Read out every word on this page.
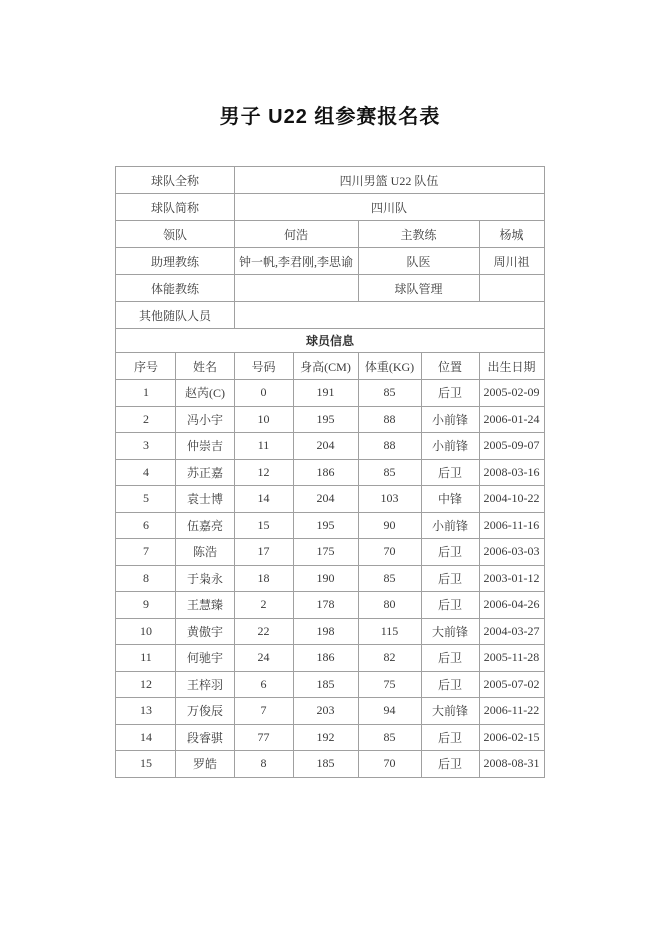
男子 U22 组参赛报名表
球队全称		四川男篮 U22 队伍				
球队简称		四川队				
领队		何浩		主教练		杨城
助理教练		钟一帆,李君刚,李思谕		队医		周川祖
体能教练				球队管理		
其他随队人员						
球员信息						
序号	姓名	号码	身高(CM)	体重(KG)	位置	出生日期
1	赵芮(C)	0	191	85	后卫	2005-02-09
2	冯小宇	10	195	88	小前锋	2006-01-24
3	仲崇吉	11	204	88	小前锋	2005-09-07
4	苏正嘉	12	186	85	后卫	2008-03-16
5	袁士博	14	204	103	中锋	2004-10-22
6	伍嘉亮	15	195	90	小前锋	2006-11-16
7	陈浩	17	175	70	后卫	2006-03-03
8	于枭永	18	190	85	后卫	2003-01-12
9	王慧臻	2	178	80	后卫	2006-04-26
10	黄傲宇	22	198	115	大前锋	2004-03-27
11	何驰宇	24	186	82	后卫	2005-11-28
12	王梓羽	6	185	75	后卫	2005-07-02
13	万俊辰	7	203	94	大前锋	2006-11-22
14	段睿骐	77	192	85	后卫	2006-02-15
15	罗皓	8	185	70	后卫	2008-08-31
